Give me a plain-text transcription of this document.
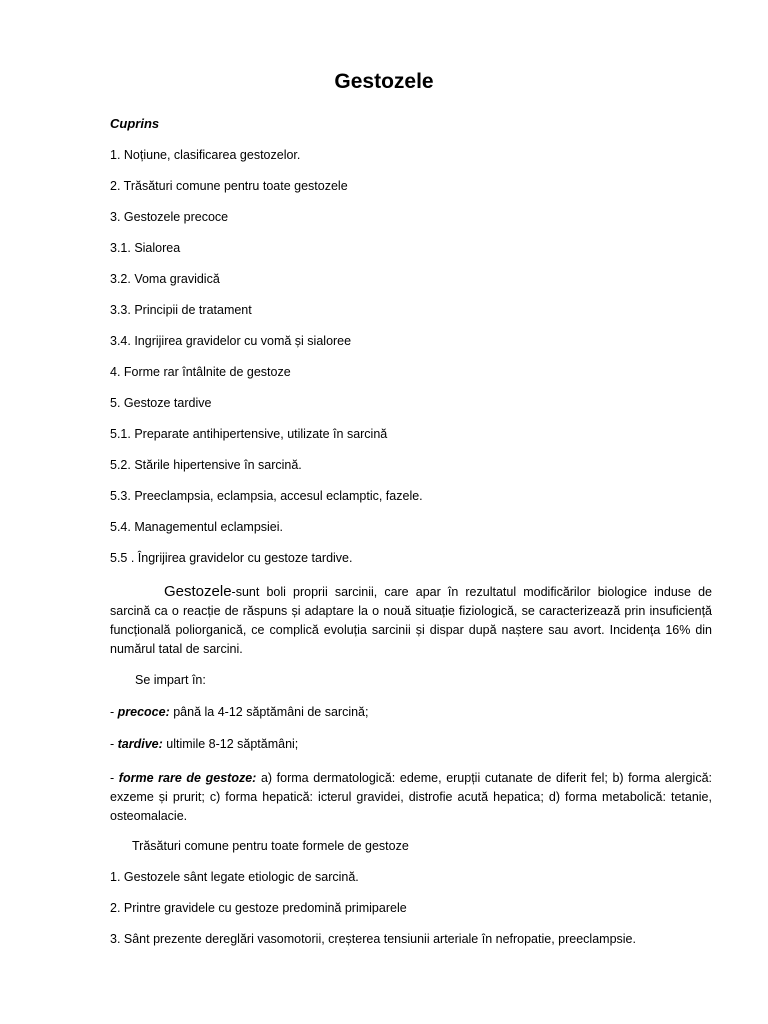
Gestozele
Cuprins
1. Noțiune, clasificarea gestozelor.
2. Trăsături comune pentru toate gestozele
3. Gestozele precoce
3.1. Sialorea
3.2. Voma gravidică
3.3. Principii de tratament
3.4. Ingrijirea gravidelor cu vomă și sialoree
4. Forme rar întâlnite de gestoze
5. Gestoze tardive
5.1. Preparate antihipertensive, utilizate în sarcină
5.2. Stările hipertensive în sarcină.
5.3. Preeclampsia, eclampsia, accesul eclamptic, fazele.
5.4. Managementul eclampsiei.
5.5 . Îngrijirea gravidelor cu gestoze tardive.
Gestozele-sunt boli proprii sarcinii, care apar în rezultatul modificărilor biologice induse de sarcină ca o reacție de răspuns și adaptare la o nouă situație fiziologică, se caracterizează prin insuficiență funcțională poliorganică, ce complică evoluția sarcinii și dispar după naștere sau avort. Incidența 16% din numărul tatal de sarcini.
Se impart în:
- precoce: până la 4-12 săptămâni de sarcină;
- tardive: ultimile 8-12 săptămâni;
- forme rare de gestoze: a) forma dermatologică: edeme, erupții cutanate de diferit fel; b) forma alergică: exzeme și prurit; c) forma hepatică: icterul gravidei, distrofie acută hepatica; d) forma metabolică: tetanie, osteomalacie.
Trăsături comune pentru toate formele de gestoze
1. Gestozele sânt legate etiologic de sarcină.
2. Printre gravidele cu gestoze predomină primiparele
3. Sânt prezente dereglări vasomotorii, creșterea tensiunii arteriale în nefropatie, preeclampsie.
